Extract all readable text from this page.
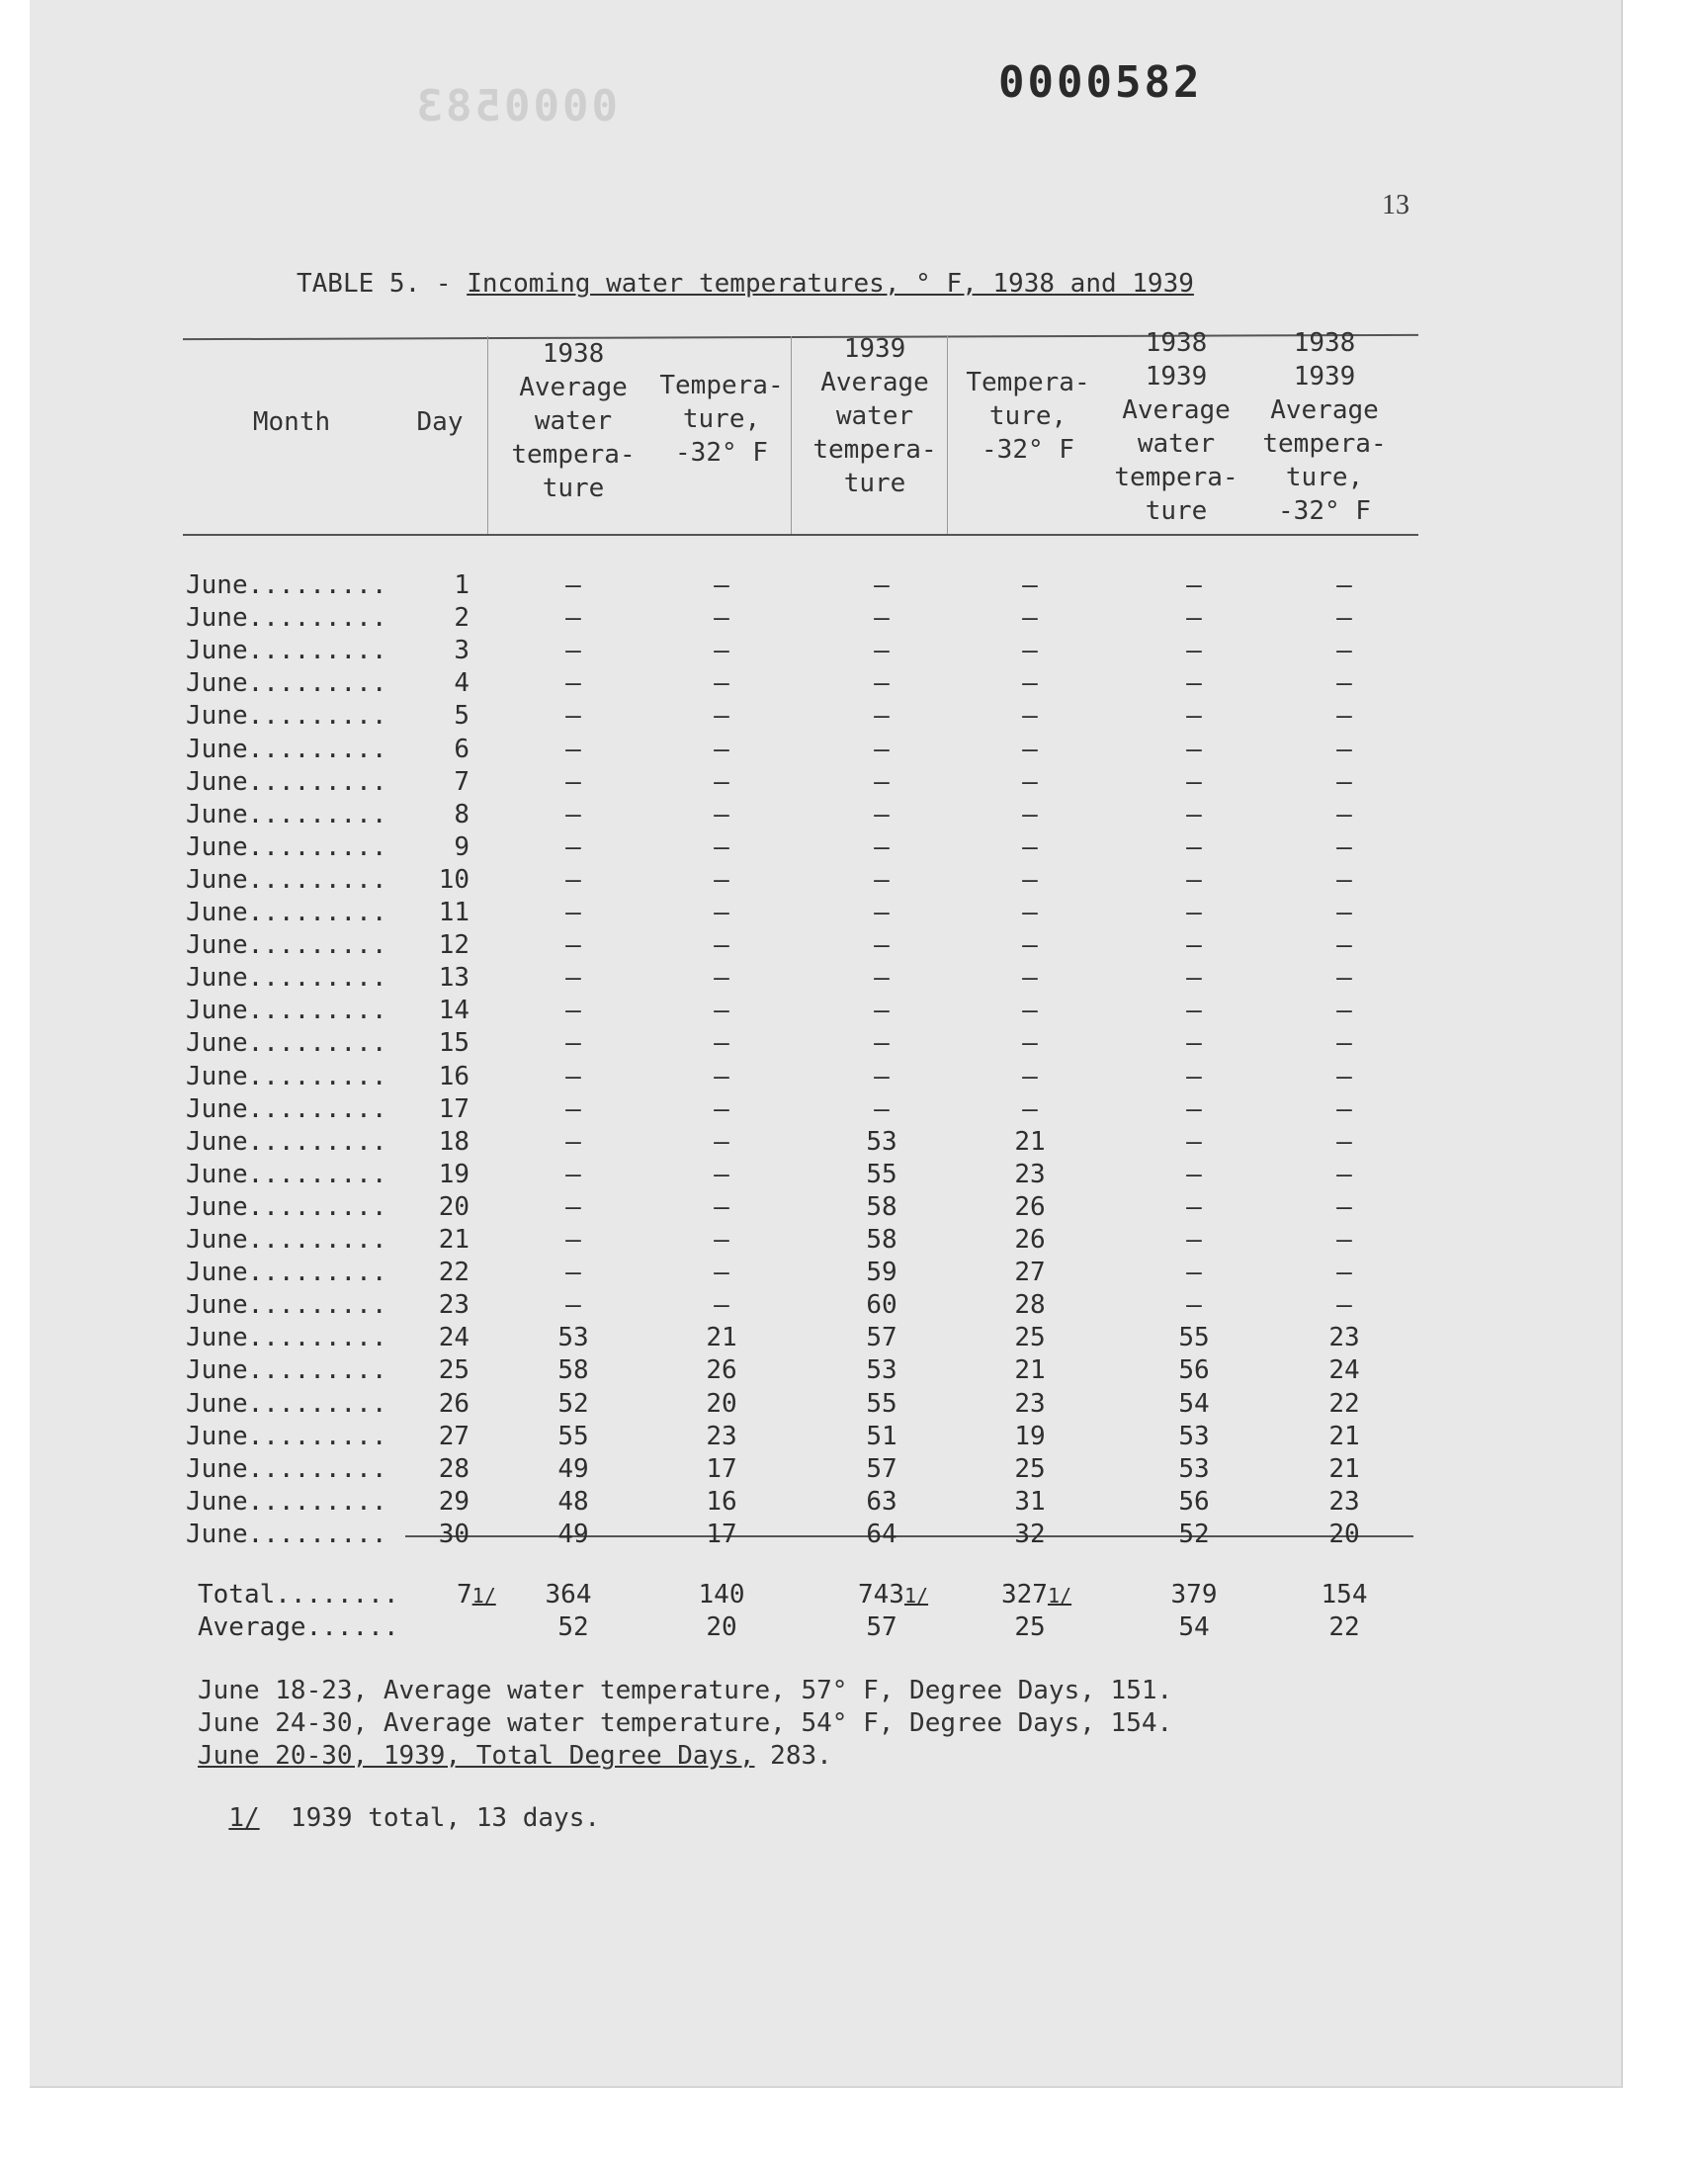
0000582
0000583
13
TABLE 5. - Incoming water temperatures, ° F, 1938 and 1939
Month	Day
1938
Average
water
tempera-
ture
Tempera-
ture,
-32° F
1939
Average
water
tempera-
ture
Tempera-
ture,
-32° F
1938
1939
Average
water
tempera-
ture
1938
1939
Average
tempera-
ture,
-32° F
June.........	1	–	–	–	–	–	–
June.........	2	–	–	–	–	–	–
June.........	3	–	–	–	–	–	–
June.........	4	–	–	–	–	–	–
June.........	5	–	–	–	–	–	–
June.........	6	–	–	–	–	–	–
June.........	7	–	–	–	–	–	–
June.........	8	–	–	–	–	–	–
June.........	9	–	–	–	–	–	–
June.........	10	–	–	–	–	–	–
June.........	11	–	–	–	–	–	–
June.........	12	–	–	–	–	–	–
June.........	13	–	–	–	–	–	–
June.........	14	–	–	–	–	–	–
June.........	15	–	–	–	–	–	–
June.........	16	–	–	–	–	–	–
June.........	17	–	–	–	–	–	–
June.........	18	–	–	53	21	–	–
June.........	19	–	–	55	23	–	–
June.........	20	–	–	58	26	–	–
June.........	21	–	–	58	26	–	–
June.........	22	–	–	59	27	–	–
June.........	23	–	–	60	28	–	–
June.........	24	53	21	57	25	55	23
June.........	25	58	26	53	21	56	24
June.........	26	52	20	55	23	54	22
June.........	27	55	23	51	19	53	21
June.........	28	49	17	57	25	53	21
June.........	29	48	16	63	31	56	23
June.........	30	49	17	64	32	52	20
Total........ 71/	364	140	7431/	3271/	379	154
Average......	52	20	57	25	54	22
June 18-23, Average water temperature, 57° F, Degree Days, 151.
June 24-30, Average water temperature, 54° F, Degree Days, 154.
June 20-30, 1939, Total Degree Days, 283.

1/  1939 total, 13 days.
